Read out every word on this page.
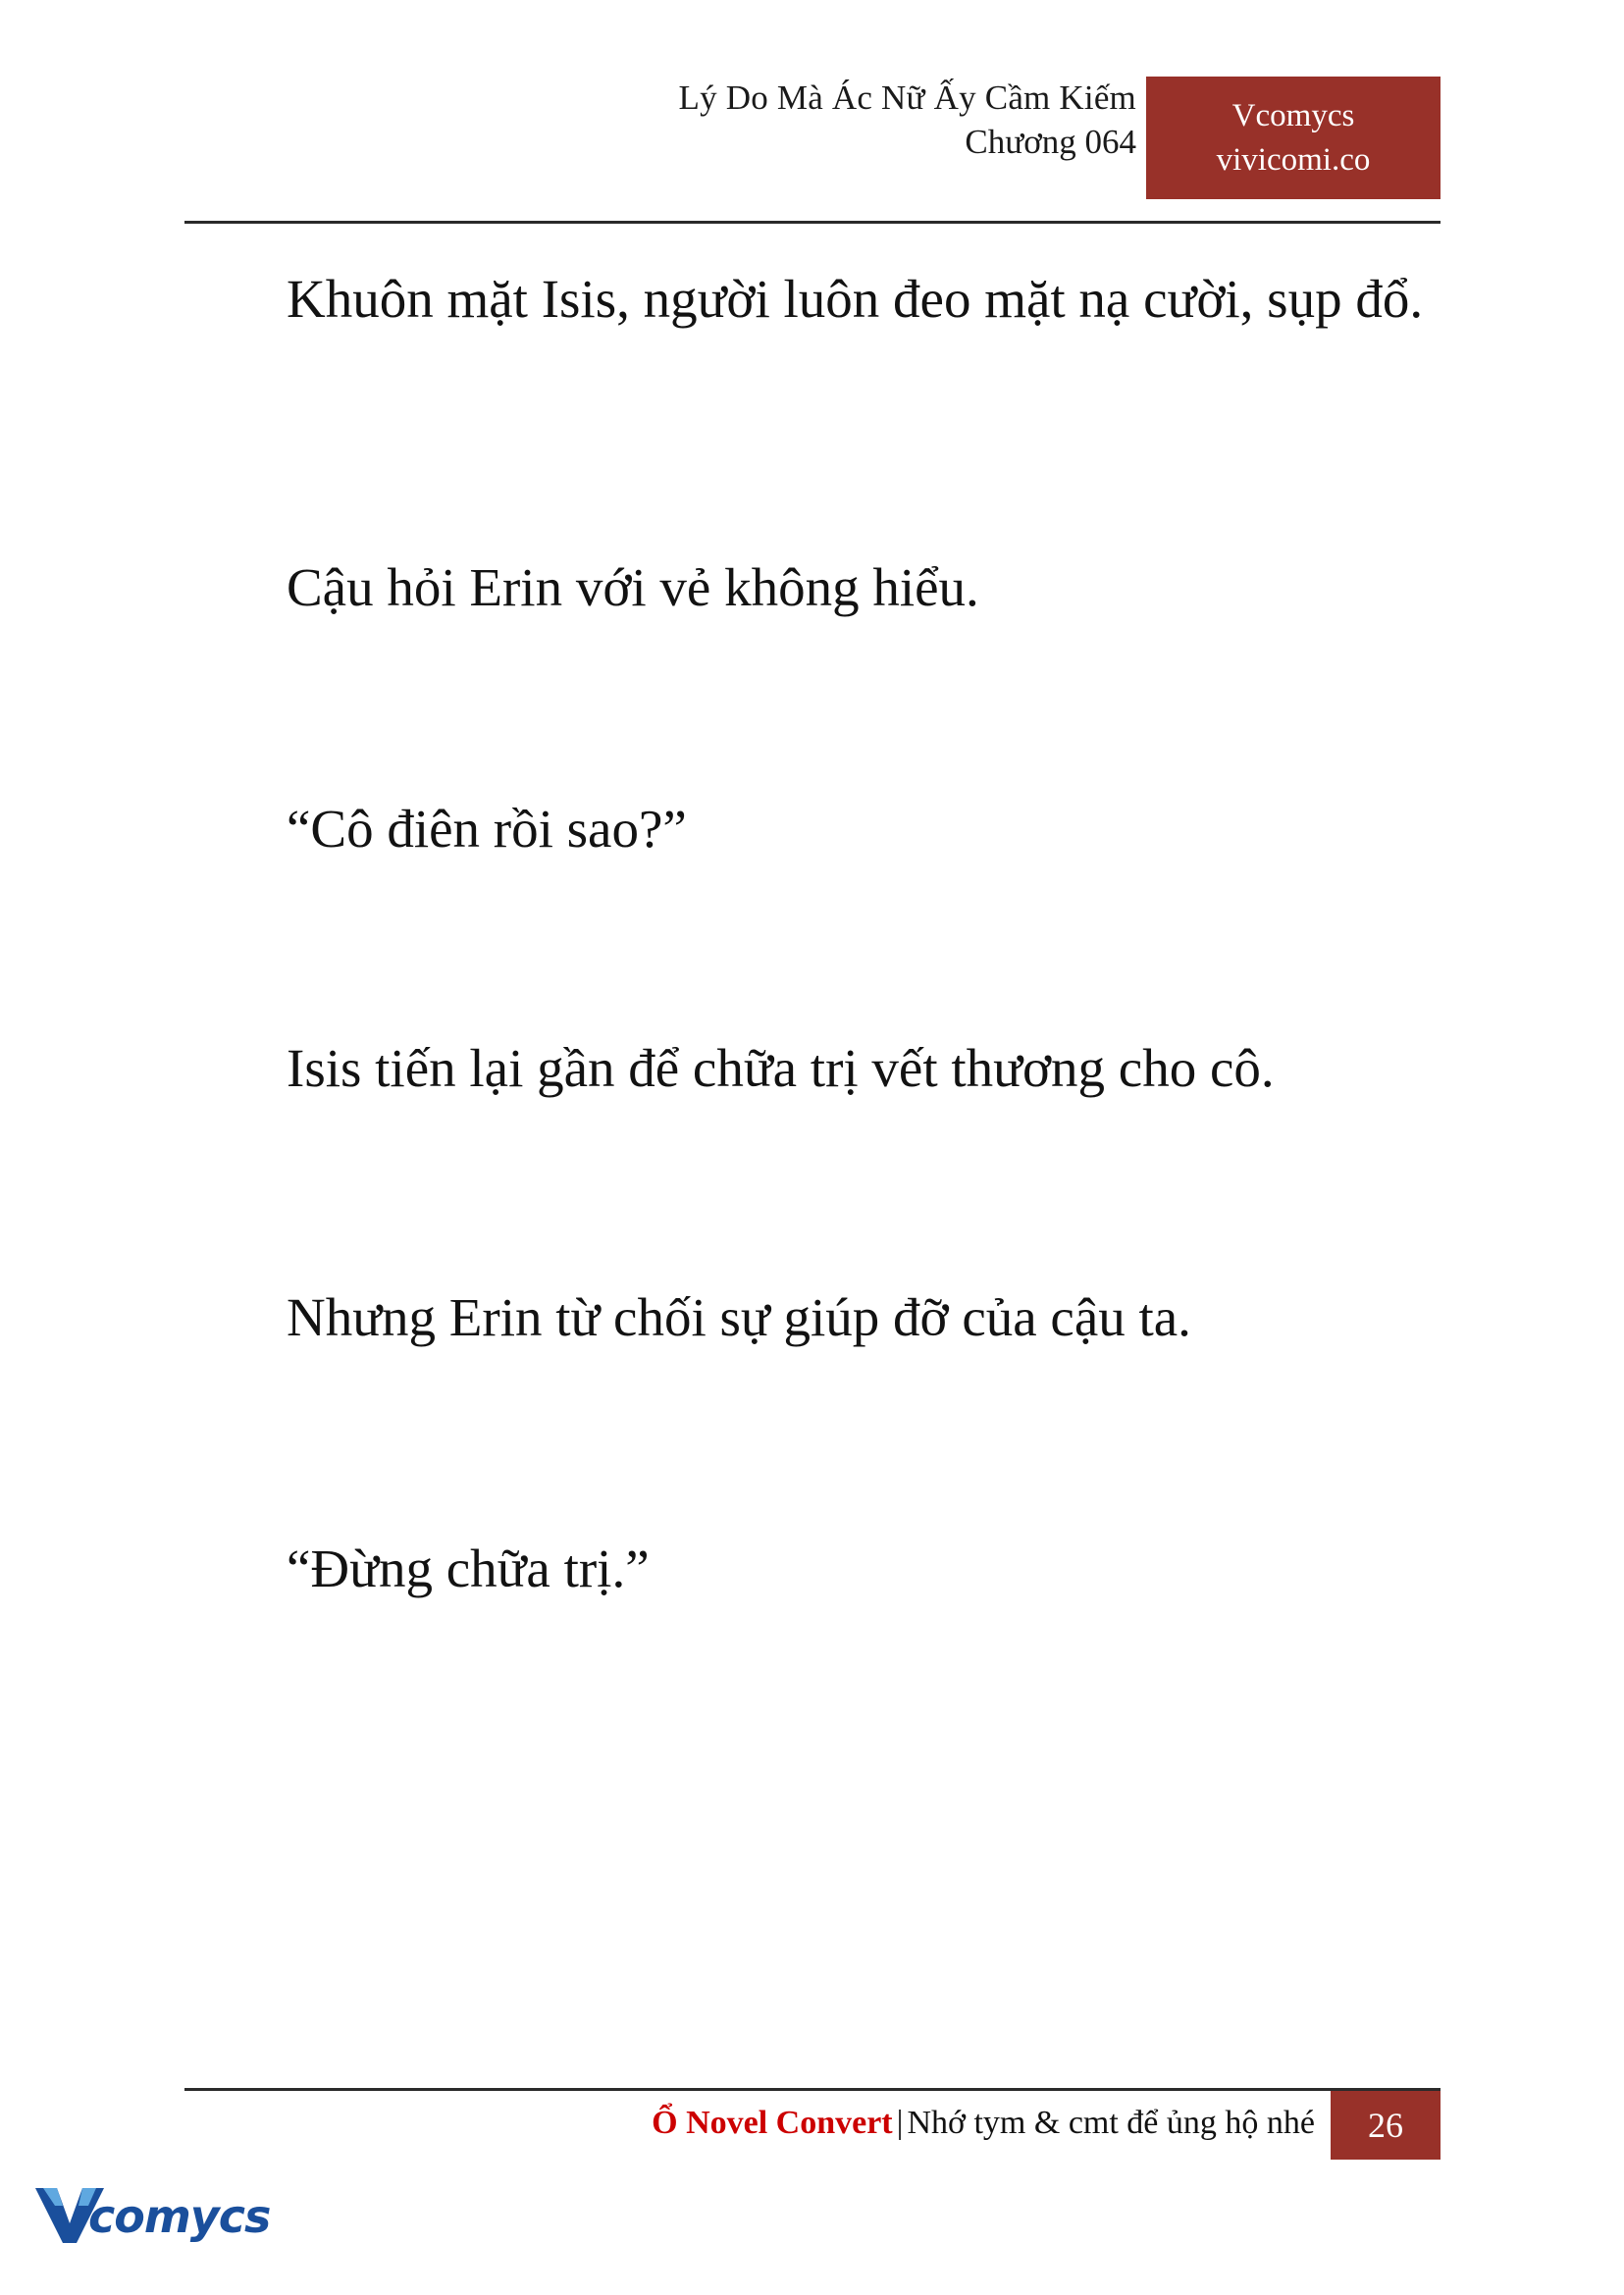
Lý Do Mà Ác Nữ Ấy Cầm Kiếm
Chương 064
Vcomycs
vivicomi.co

Khuôn mặt Isis, người luôn đeo mặt nạ cười, sụp đổ.

Cậu hỏi Erin với vẻ không hiểu.

“Cô điên rồi sao?”

Isis tiến lại gần để chữa trị vết thương cho cô.

Nhưng Erin từ chối sự giúp đỡ của cậu ta.

“Đừng chữa trị.”

Ổ Novel Convert | Nhớ tym & cmt để ủng hộ nhé	26
comycs
